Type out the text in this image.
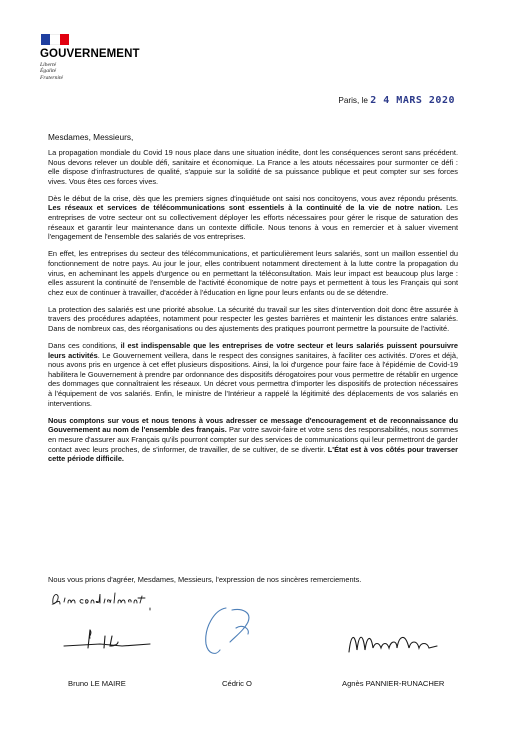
GOUVERNEMENT
Liberté
Égalité
Fraternité
Paris, le 2 4 MARS 2020
Mesdames, Messieurs,

La propagation mondiale du Covid 19 nous place dans une situation inédite, dont les conséquences seront sans précédent. Nous devons relever un double défi, sanitaire et économique. La France a les atouts nécessaires pour surmonter ce défi : elle dispose d'infrastructures de qualité, s'appuie sur la solidité de sa puissance publique et peut compter sur ses forces vives. Vous êtes ces forces vives.

Dès le début de la crise, dès que les premiers signes d'inquiétude ont saisi nos concitoyens, vous avez répondu présents. Les réseaux et services de télécommunications sont essentiels à la continuité de la vie de notre nation. Les entreprises de votre secteur ont su collectivement déployer les efforts nécessaires pour gérer le risque de saturation des réseaux et garantir leur maintenance dans un contexte difficile. Nous tenons à vous en remercier et à saluer vivement l'engagement de l'ensemble des salariés de vos entreprises.

En effet, les entreprises du secteur des télécommunications, et particulièrement leurs salariés, sont un maillon essentiel du fonctionnement de notre pays. Au jour le jour, elles contribuent notamment directement à la lutte contre la propagation du virus, en acheminant les appels d'urgence ou en permettant la téléconsultation. Mais leur impact est beaucoup plus large : elles assurent la continuité de l'ensemble de l'activité économique de notre pays et permettent à tous les Français qui sont chez eux de continuer à travailler, d'accéder à l'éducation en ligne pour leurs enfants ou de se détendre.

La protection des salariés est une priorité absolue. La sécurité du travail sur les sites d'intervention doit donc être assurée à travers des procédures adaptées, notamment pour respecter les gestes barrières et maintenir les distances entre salariés. Dans de nombreux cas, des réorganisations ou des ajustements des pratiques pourront permettre la poursuite de l'activité.

Dans ces conditions, il est indispensable que les entreprises de votre secteur et leurs salariés puissent poursuivre leurs activités. Le Gouvernement veillera, dans le respect des consignes sanitaires, à faciliter ces activités. D'ores et déjà, nous avons pris en urgence à cet effet plusieurs dispositions. Ainsi, la loi d'urgence pour faire face à l'épidémie de Covid-19 habilitera le Gouvernement à prendre par ordonnance des dispositifs dérogatoires pour vous permettre de rétablir en urgence des dommages que connaîtraient les réseaux. Un décret vous permettra d'importer les dispositifs de protection nécessaires à l'équipement de vos salariés. Enfin, le ministre de l'Intérieur a rappelé la légitimité des déplacements de vos salariés en interventions.

Nous comptons sur vous et nous tenons à vous adresser ce message d'encouragement et de reconnaissance du Gouvernement au nom de l'ensemble des français. Par votre savoir-faire et votre sens des responsabilités, nous sommes en mesure d'assurer aux Français qu'ils pourront compter sur des services de communications qui leur permettront de garder contact avec leurs proches, de s'informer, de travailler, de se cultiver, de se divertir. L'État est à vos côtés pour traverser cette période difficile.

Nous vous prions d'agréer, Mesdames, Messieurs, l'expression de nos sincères remerciements.
Bruno LE MAIRE	Cédric O	Agnès PANNIER-RUNACHER
